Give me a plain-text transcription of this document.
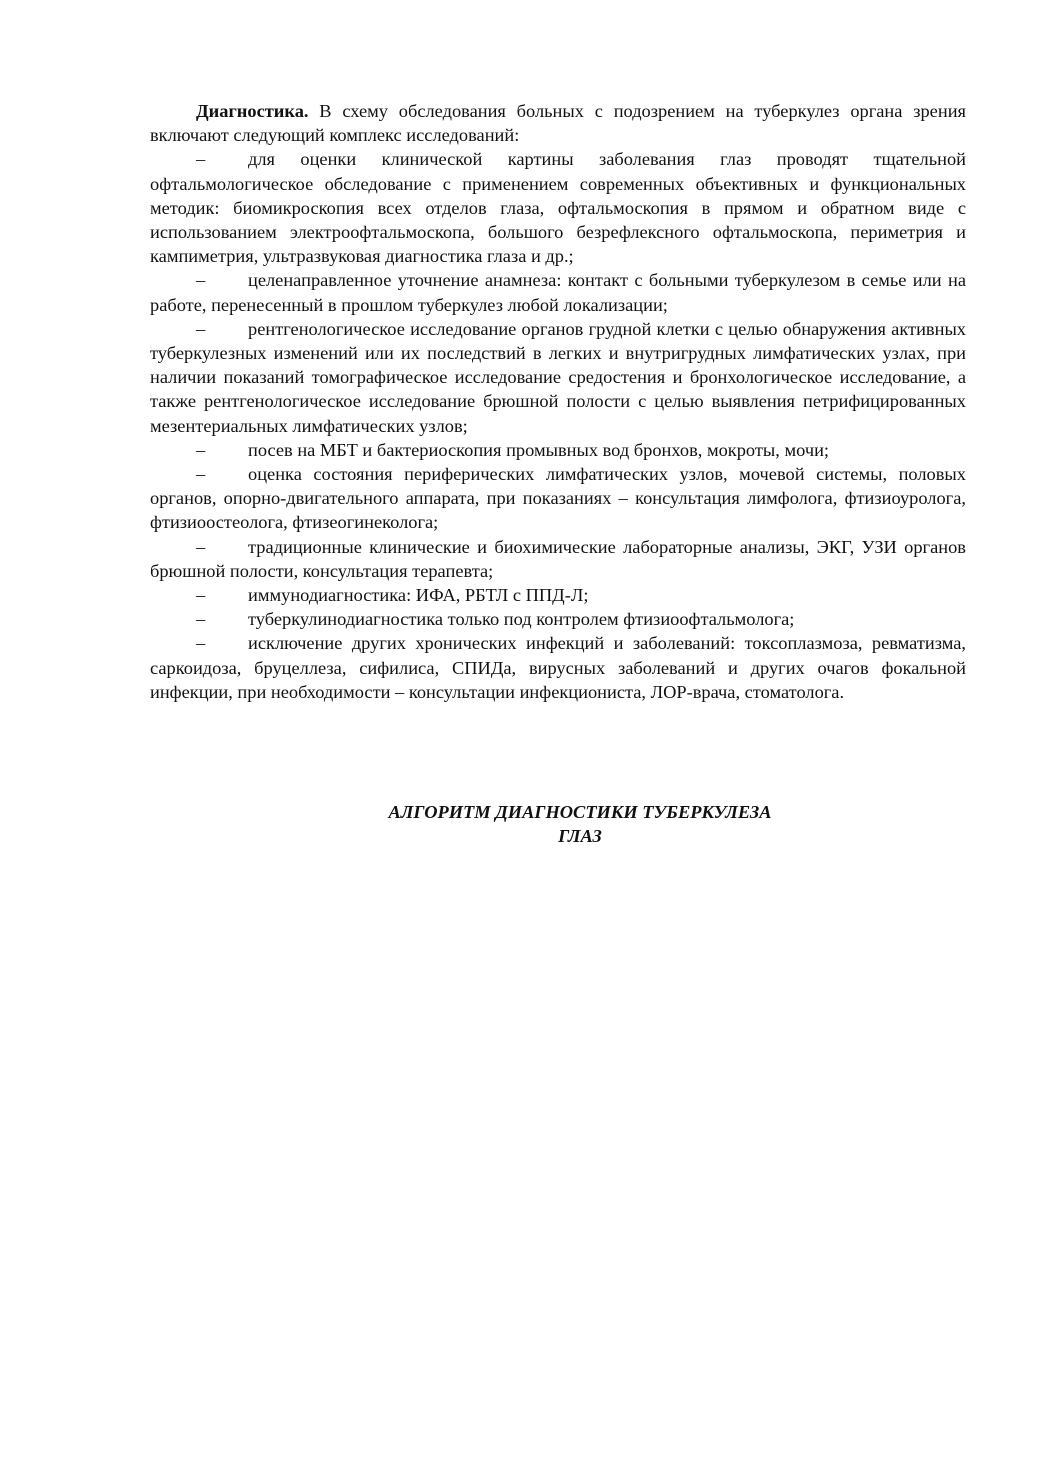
Диагностика. В схему обследования больных с подозрением на туберкулез органа зрения включают следующий комплекс исследований:

– для оценки клинической картины заболевания глаз проводят тщательной офтальмологическое обследование с применением современных объективных и функциональных методик: биомикроскопия всех отделов глаза, офтальмоскопия в прямом и обратном виде с использованием электроофтальмоскопа, большого безрефлексного офтальмоскопа, периметрия и кампиметрия, ультразвуковая диагностика глаза и др.;

– целенаправленное уточнение анамнеза: контакт с больными туберкулезом в семье или на работе, перенесенный в прошлом туберкулез любой локализации;

– рентгенологическое исследование органов грудной клетки с целью обнаружения активных туберкулезных изменений или их последствий в легких и внутригрудных лимфатических узлах, при наличии показаний томографическое исследование средостения и бронхологическое исследование, а также рентгенологическое исследование брюшной полости с целью выявления петрифицированных мезентериальных лимфатических узлов;

– посев на МБТ и бактериоскопия промывных вод бронхов, мокроты, мочи;

– оценка состояния периферических лимфатических узлов, мочевой системы, половых органов, опорно-двигательного аппарата, при показаниях – консультация лимфолога, фтизиоуролога, фтизиоостеолога, фтизеогинеколога;

– традиционные клинические и биохимические лабораторные анализы, ЭКГ, УЗИ органов брюшной полости, консультация терапевта;

– иммунодиагностика: ИФА, РБТЛ с ППД-Л;

– туберкулинодиагностика только под контролем фтизиоофтальмолога;

– исключение других хронических инфекций и заболеваний: токсоплазмоза, ревматизма, саркоидоза, бруцеллеза, сифилиса, СПИДа, вирусных заболеваний и других очагов фокальной инфекции, при необходимости – консультации инфекциониста, ЛОР-врача, стоматолога.

АЛГОРИТМ ДИАГНОСТИКИ ТУБЕРКУЛЕЗА
ГЛАЗ
